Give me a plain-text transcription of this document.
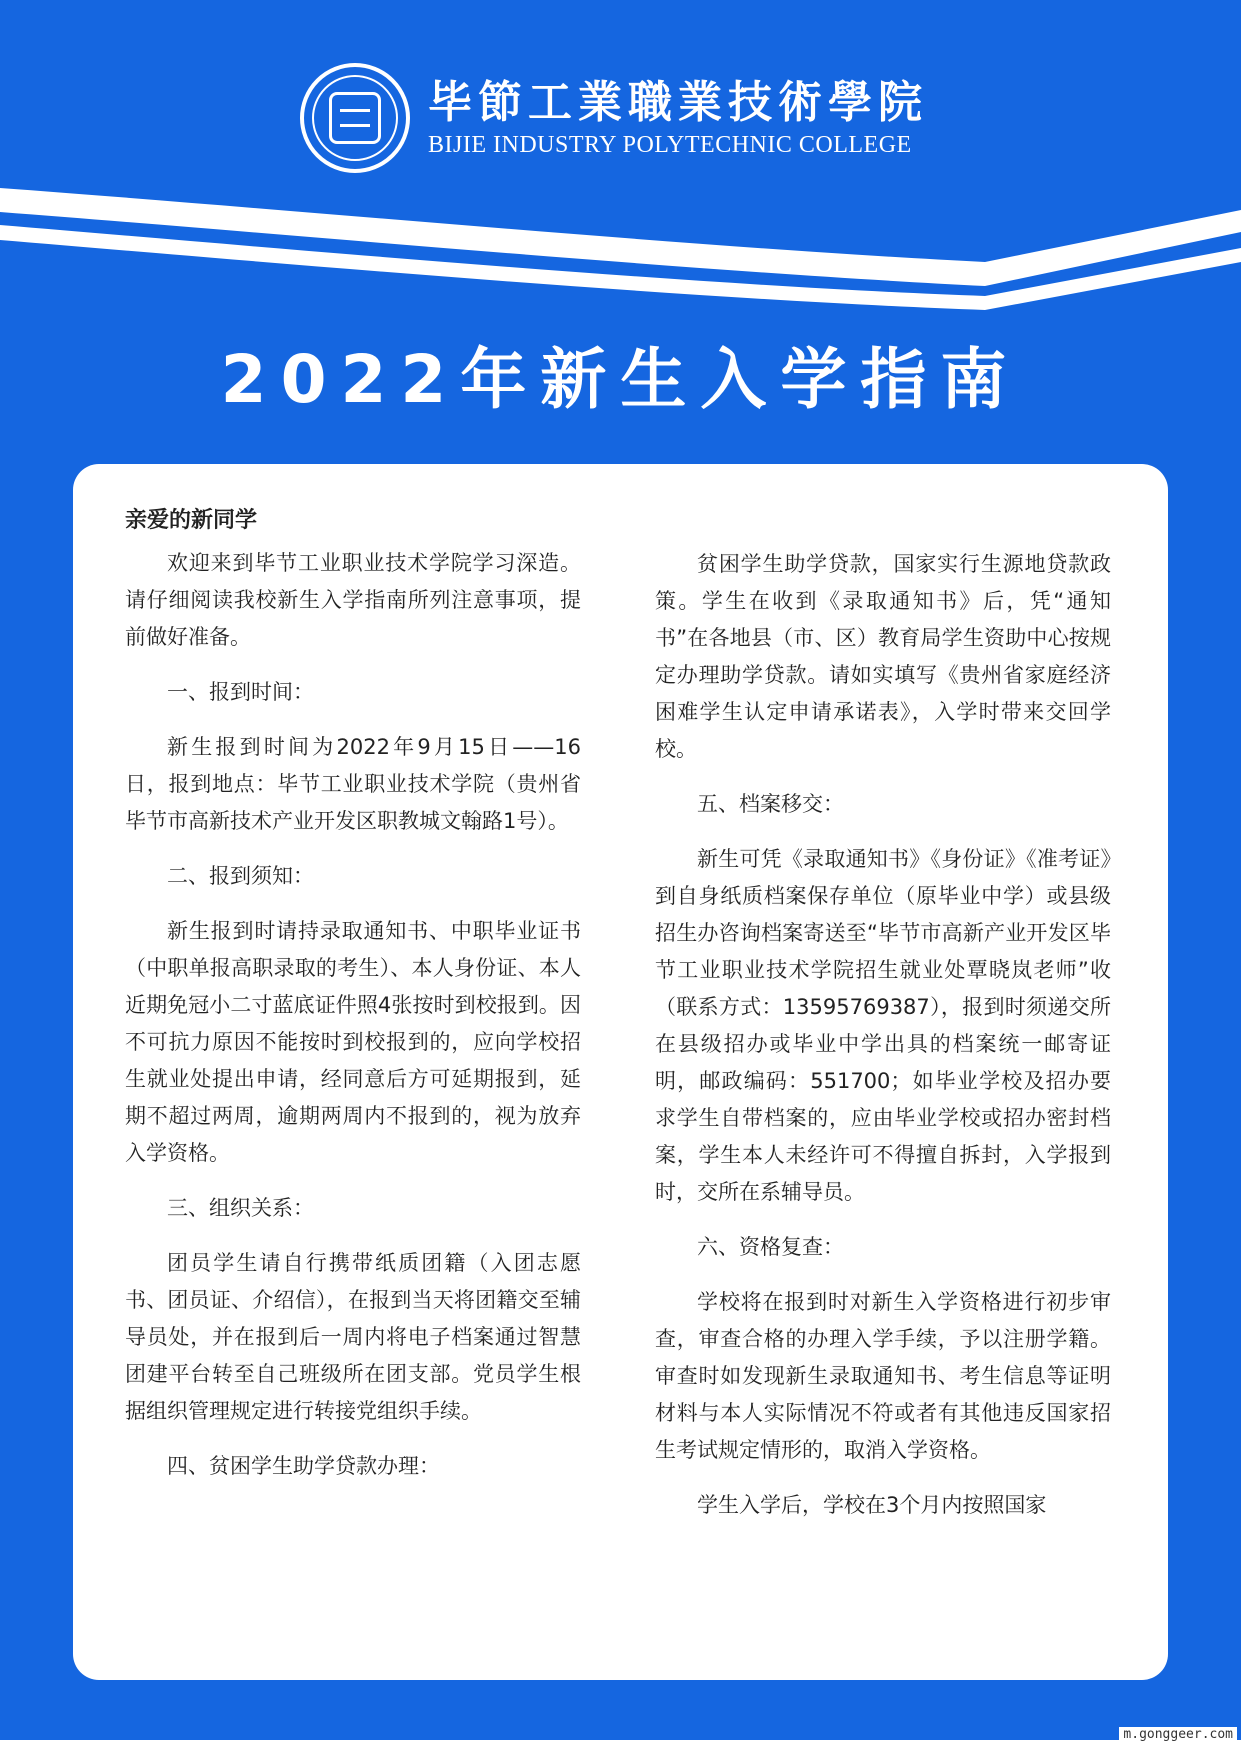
毕節工業職業技術學院
BIJIE INDUSTRY POLYTECHNIC COLLEGE
2022年新生入学指南

亲爱的新同学

欢迎来到毕节工业职业技术学院学习深造。请仔细阅读我校新生入学指南所列注意事项，提前做好准备。

一、报到时间：

新生报到时间为2022年9月15日——16日，报到地点：毕节工业职业技术学院（贵州省毕节市高新技术产业开发区职教城文翰路1号）。

二、报到须知：

新生报到时请持录取通知书、中职毕业证书（中职单报高职录取的考生）、本人身份证、本人近期免冠小二寸蓝底证件照4张按时到校报到。因不可抗力原因不能按时到校报到的，应向学校招生就业处提出申请，经同意后方可延期报到，延期不超过两周，逾期两周内不报到的，视为放弃入学资格。

三、组织关系：

团员学生请自行携带纸质团籍（入团志愿书、团员证、介绍信），在报到当天将团籍交至辅导员处，并在报到后一周内将电子档案通过智慧团建平台转至自己班级所在团支部。党员学生根据组织管理规定进行转接党组织手续。

四、贫困学生助学贷款办理：

贫困学生助学贷款，国家实行生源地贷款政策。学生在收到《录取通知书》后，凭“通知书”在各地县（市、区）教育局学生资助中心按规定办理助学贷款。请如实填写《贵州省家庭经济困难学生认定申请承诺表》，入学时带来交回学校。

五、档案移交：

新生可凭《录取通知书》《身份证》《准考证》到自身纸质档案保存单位（原毕业中学）或县级招生办咨询档案寄送至“毕节市高新产业开发区毕节工业职业技术学院招生就业处覃晓岚老师”收（联系方式：13595769387），报到时须递交所在县级招办或毕业中学出具的档案统一邮寄证明，邮政编码：551700；如毕业学校及招办要求学生自带档案的，应由毕业学校或招办密封档案，学生本人未经许可不得擅自拆封，入学报到时，交所在系辅导员。

六、资格复查：

学校将在报到时对新生入学资格进行初步审查，审查合格的办理入学手续，予以注册学籍。审查时如发现新生录取通知书、考生信息等证明材料与本人实际情况不符或者有其他违反国家招生考试规定情形的，取消入学资格。

学生入学后，学校在3个月内按照国家

m.gonggeer.com
